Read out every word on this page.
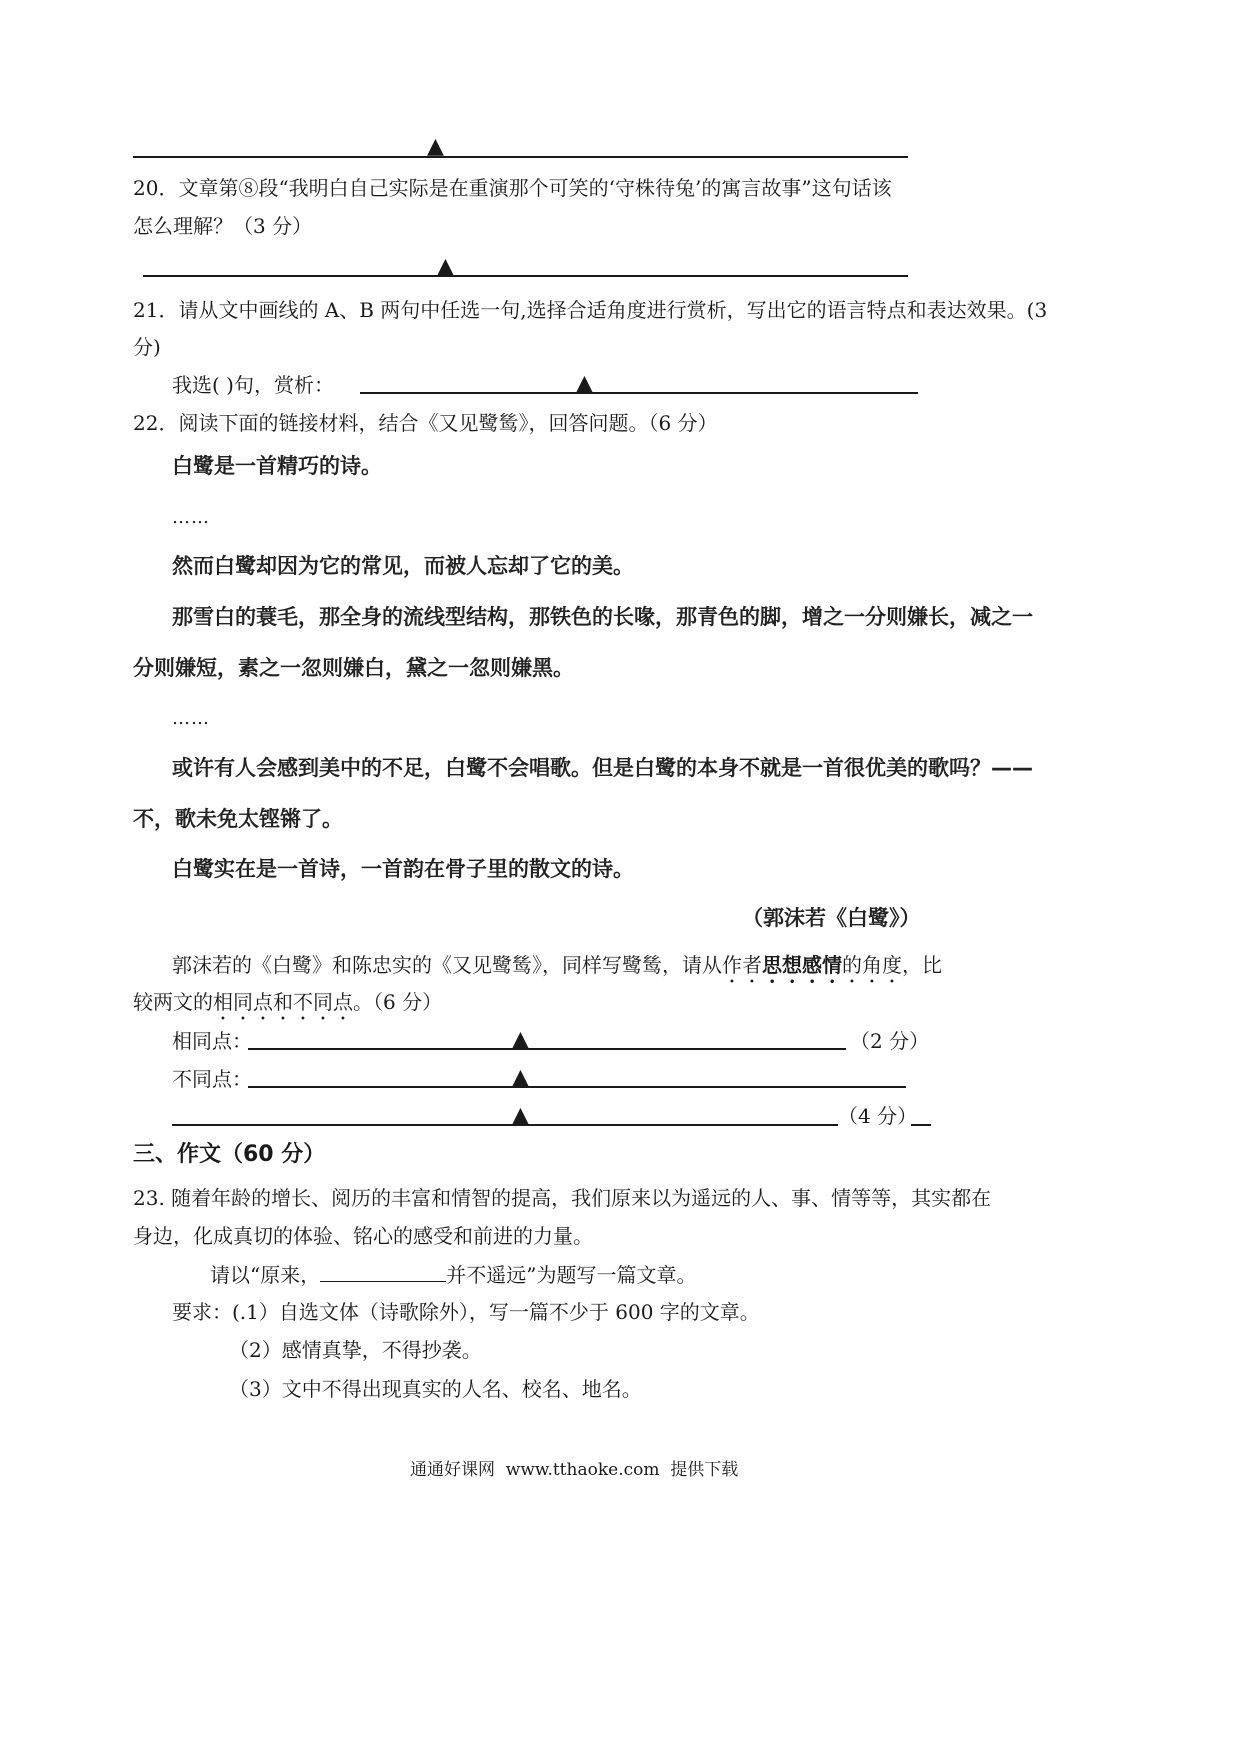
▲
20．文章第⑧段“我明白自己实际是在重演那个可笑的‘守株待兔’的寓言故事”这句话该
怎么理解？（3 分）
▲
21．请从文中画线的 A、B 两句中任选一句,选择合适角度进行赏析，写出它的语言特点和表达效果。(3
分)
我选( )句，赏析：	▲
22．阅读下面的链接材料，结合《又见鹭鸶》，回答问题。（6 分）
白鹭是一首精巧的诗。
……
然而白鹭却因为它的常见，而被人忘却了它的美。
那雪白的蓑毛，那全身的流线型结构，那铁色的长喙，那青色的脚，增之一分则嫌长，减之一
分则嫌短，素之一忽则嫌白，黛之一忽则嫌黑。
……
或许有人会感到美中的不足，白鹭不会唱歌。但是白鹭的本身不就是一首很优美的歌吗？——
不，歌未免太铿锵了。
白鹭实在是一首诗，一首韵在骨子里的散文的诗。
（郭沫若《白鹭》）
郭沫若的《白鹭》和陈忠实的《又见鹭鸶》，同样写鹭鸶，请从作者思想感情的角度，比
较两文的相同点和不同点。（6 分）
相同点：	▲	（2 分）
不同点：	▲
▲	（4 分）
三、作文（60 分）
23. 随着年龄的增长、阅历的丰富和情智的提高，我们原来以为遥远的人、事、情等等，其实都在
身边，化成真切的体验、铭心的感受和前进的力量。
请以“原来，	并不遥远”为题写一篇文章。
要求：(.1）自选文体（诗歌除外），写一篇不少于 600 字的文章。
（2）感情真挚，不得抄袭。
（3）文中不得出现真实的人名、校名、地名。
通通好课网  www.tthaoke.com  提供下载
